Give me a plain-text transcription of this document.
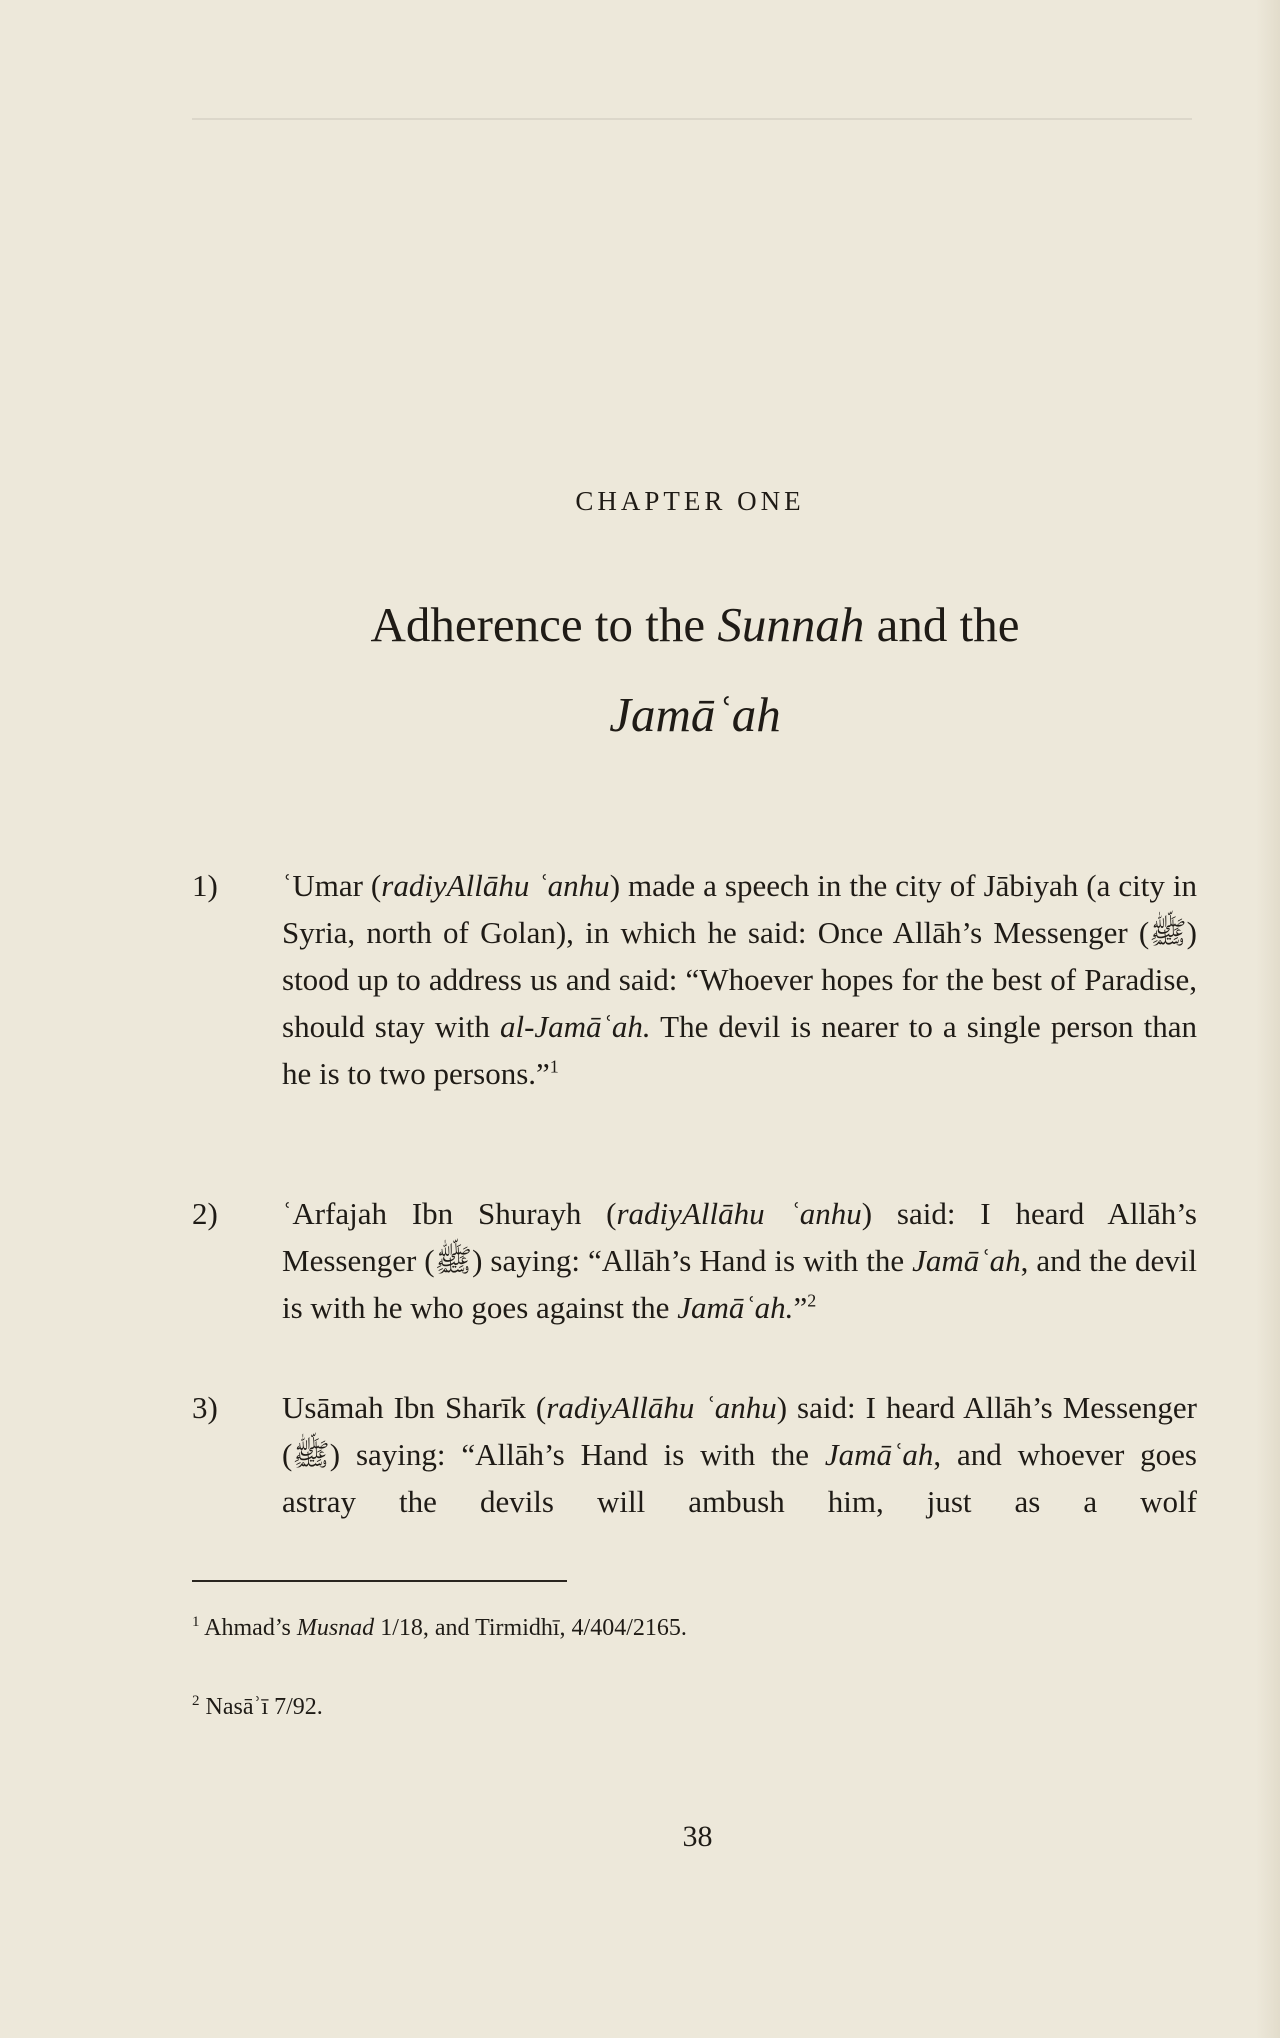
CHAPTER ONE
Adherence to the Sunnah and the
Jamāʿah
1)	ʿUmar (radiyAllāhu ʿanhu) made a speech in the city of Jābiyah (a city in Syria, north of Golan), in which he said: Once Allāh’s Messenger (ﷺ) stood up to address us and said: “Whoever hopes for the best of Paradise, should stay with al-Jamāʿah. The devil is nearer to a single person than he is to two persons.”$^1$
2)	ʿArfajah Ibn Shurayh (radiyAllāhu ʿanhu) said: I heard Allāh’s Messenger (ﷺ) saying: “Allāh’s Hand is with the Jamāʿah, and the devil is with he who goes against the Jamāʿah.”$^2$
3)	Usāmah Ibn Sharīk (radiyAllāhu ʿanhu) said: I heard Allāh’s Messenger (ﷺ) saying: “Allāh’s Hand is with the Jamāʿah, and whoever goes astray the devils will ambush him, just as a wolf
$^1$ Ahmad’s Musnad 1/18, and Tirmidhī, 4/404/2165.
$^2$ Nasāʾī 7/92.
38
